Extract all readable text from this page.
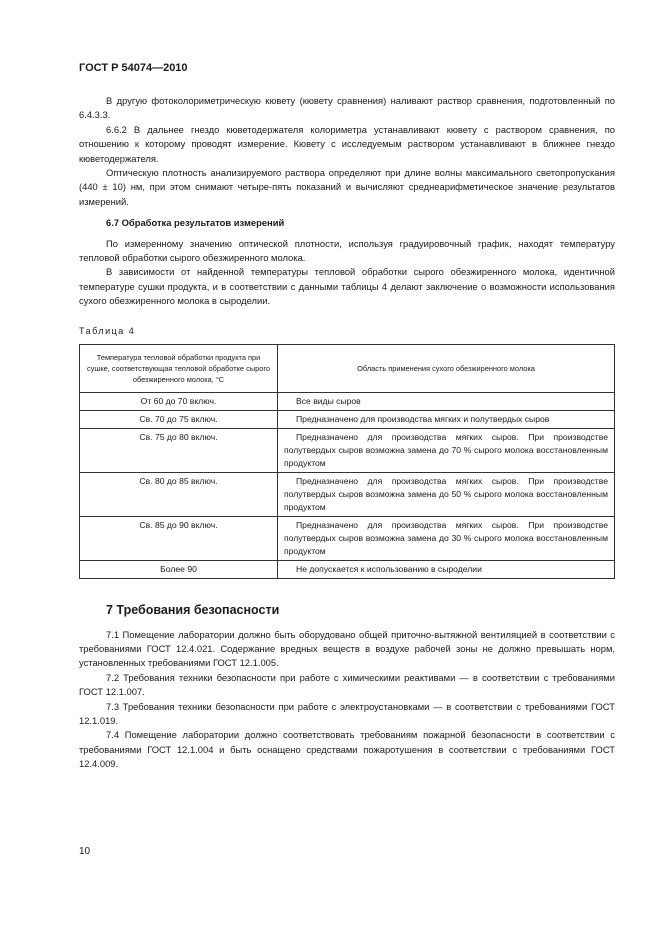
ГОСТ Р 54074—2010

В другую фотоколориметрическую кювету (кювету сравнения) наливают раствор сравнения, подготовленный по 6.4.3.3.

6.6.2 В дальнее гнездо кюветодержателя колориметра устанавливают кювету с раствором сравнения, по отношению к которому проводят измерение. Кювету с исследуемым раствором устанавливают в ближнее гнездо кюветодержателя.

Оптическую плотность анализируемого раствора определяют при длине волны максимального светопропускания (440 ± 10) нм, при этом снимают четыре-пять показаний и вычисляют среднеарифметическое значение результатов измерений.

6.7 Обработка результатов измерений

По измеренному значению оптической плотности, используя градуировочный график, находят температуру тепловой обработки сырого обезжиренного молока.

В зависимости от найденной температуры тепловой обработки сырого обезжиренного молока, идентичной температуре сушки продукта, и в соответствии с данными таблицы 4 делают заключение о возможности использования сухого обезжиренного молока в сыроделии.

Таблица 4
Температура тепловой обработки продукта при сушке, соответствующая тепловой обработке сырого обезжиренного молока, °С	Область применения сухого обезжиренного молока
От 60 до 70 включ.	Все виды сыров
Св. 70 до 75 включ.	Предназначено для производства мягких и полутвердых сыров
Св. 75 до 80 включ.	Предназначено для производства мягких сыров. При производстве полутвердых сыров возможна замена до 70 % сырого молока восстановленным продуктом
Св. 80 до 85 включ.	Предназначено для производства мягких сыров. При производстве полутвердых сыров возможна замена до 50 % сырого молока восстановленным продуктом
Св. 85 до 90 включ.	Предназначено для производства мягких сыров. При производстве полутвердых сыров возможна замена до 30 % сырого молока восстановленным продуктом
Более 90	Не допускается к использованию в сыроделии
7 Требования безопасности

7.1 Помещение лаборатории должно быть оборудовано общей приточно-вытяжной вентиляцией в соответствии с требованиями ГОСТ 12.4.021. Содержание вредных веществ в воздухе рабочей зоны не должно превышать норм, установленных требованиями ГОСТ 12.1.005.

7.2 Требования техники безопасности при работе с химическими реактивами — в соответствии с требованиями ГОСТ 12.1.007.

7.3 Требования техники безопасности при работе с электроустановками — в соответствии с требованиями ГОСТ 12.1.019.

7.4 Помещение лаборатории должно соответствовать требованиям пожарной безопасности в соответствии с требованиями ГОСТ 12.1.004 и быть оснащено средствами пожаротушения в соответствии с требованиями ГОСТ 12.4.009.

10
